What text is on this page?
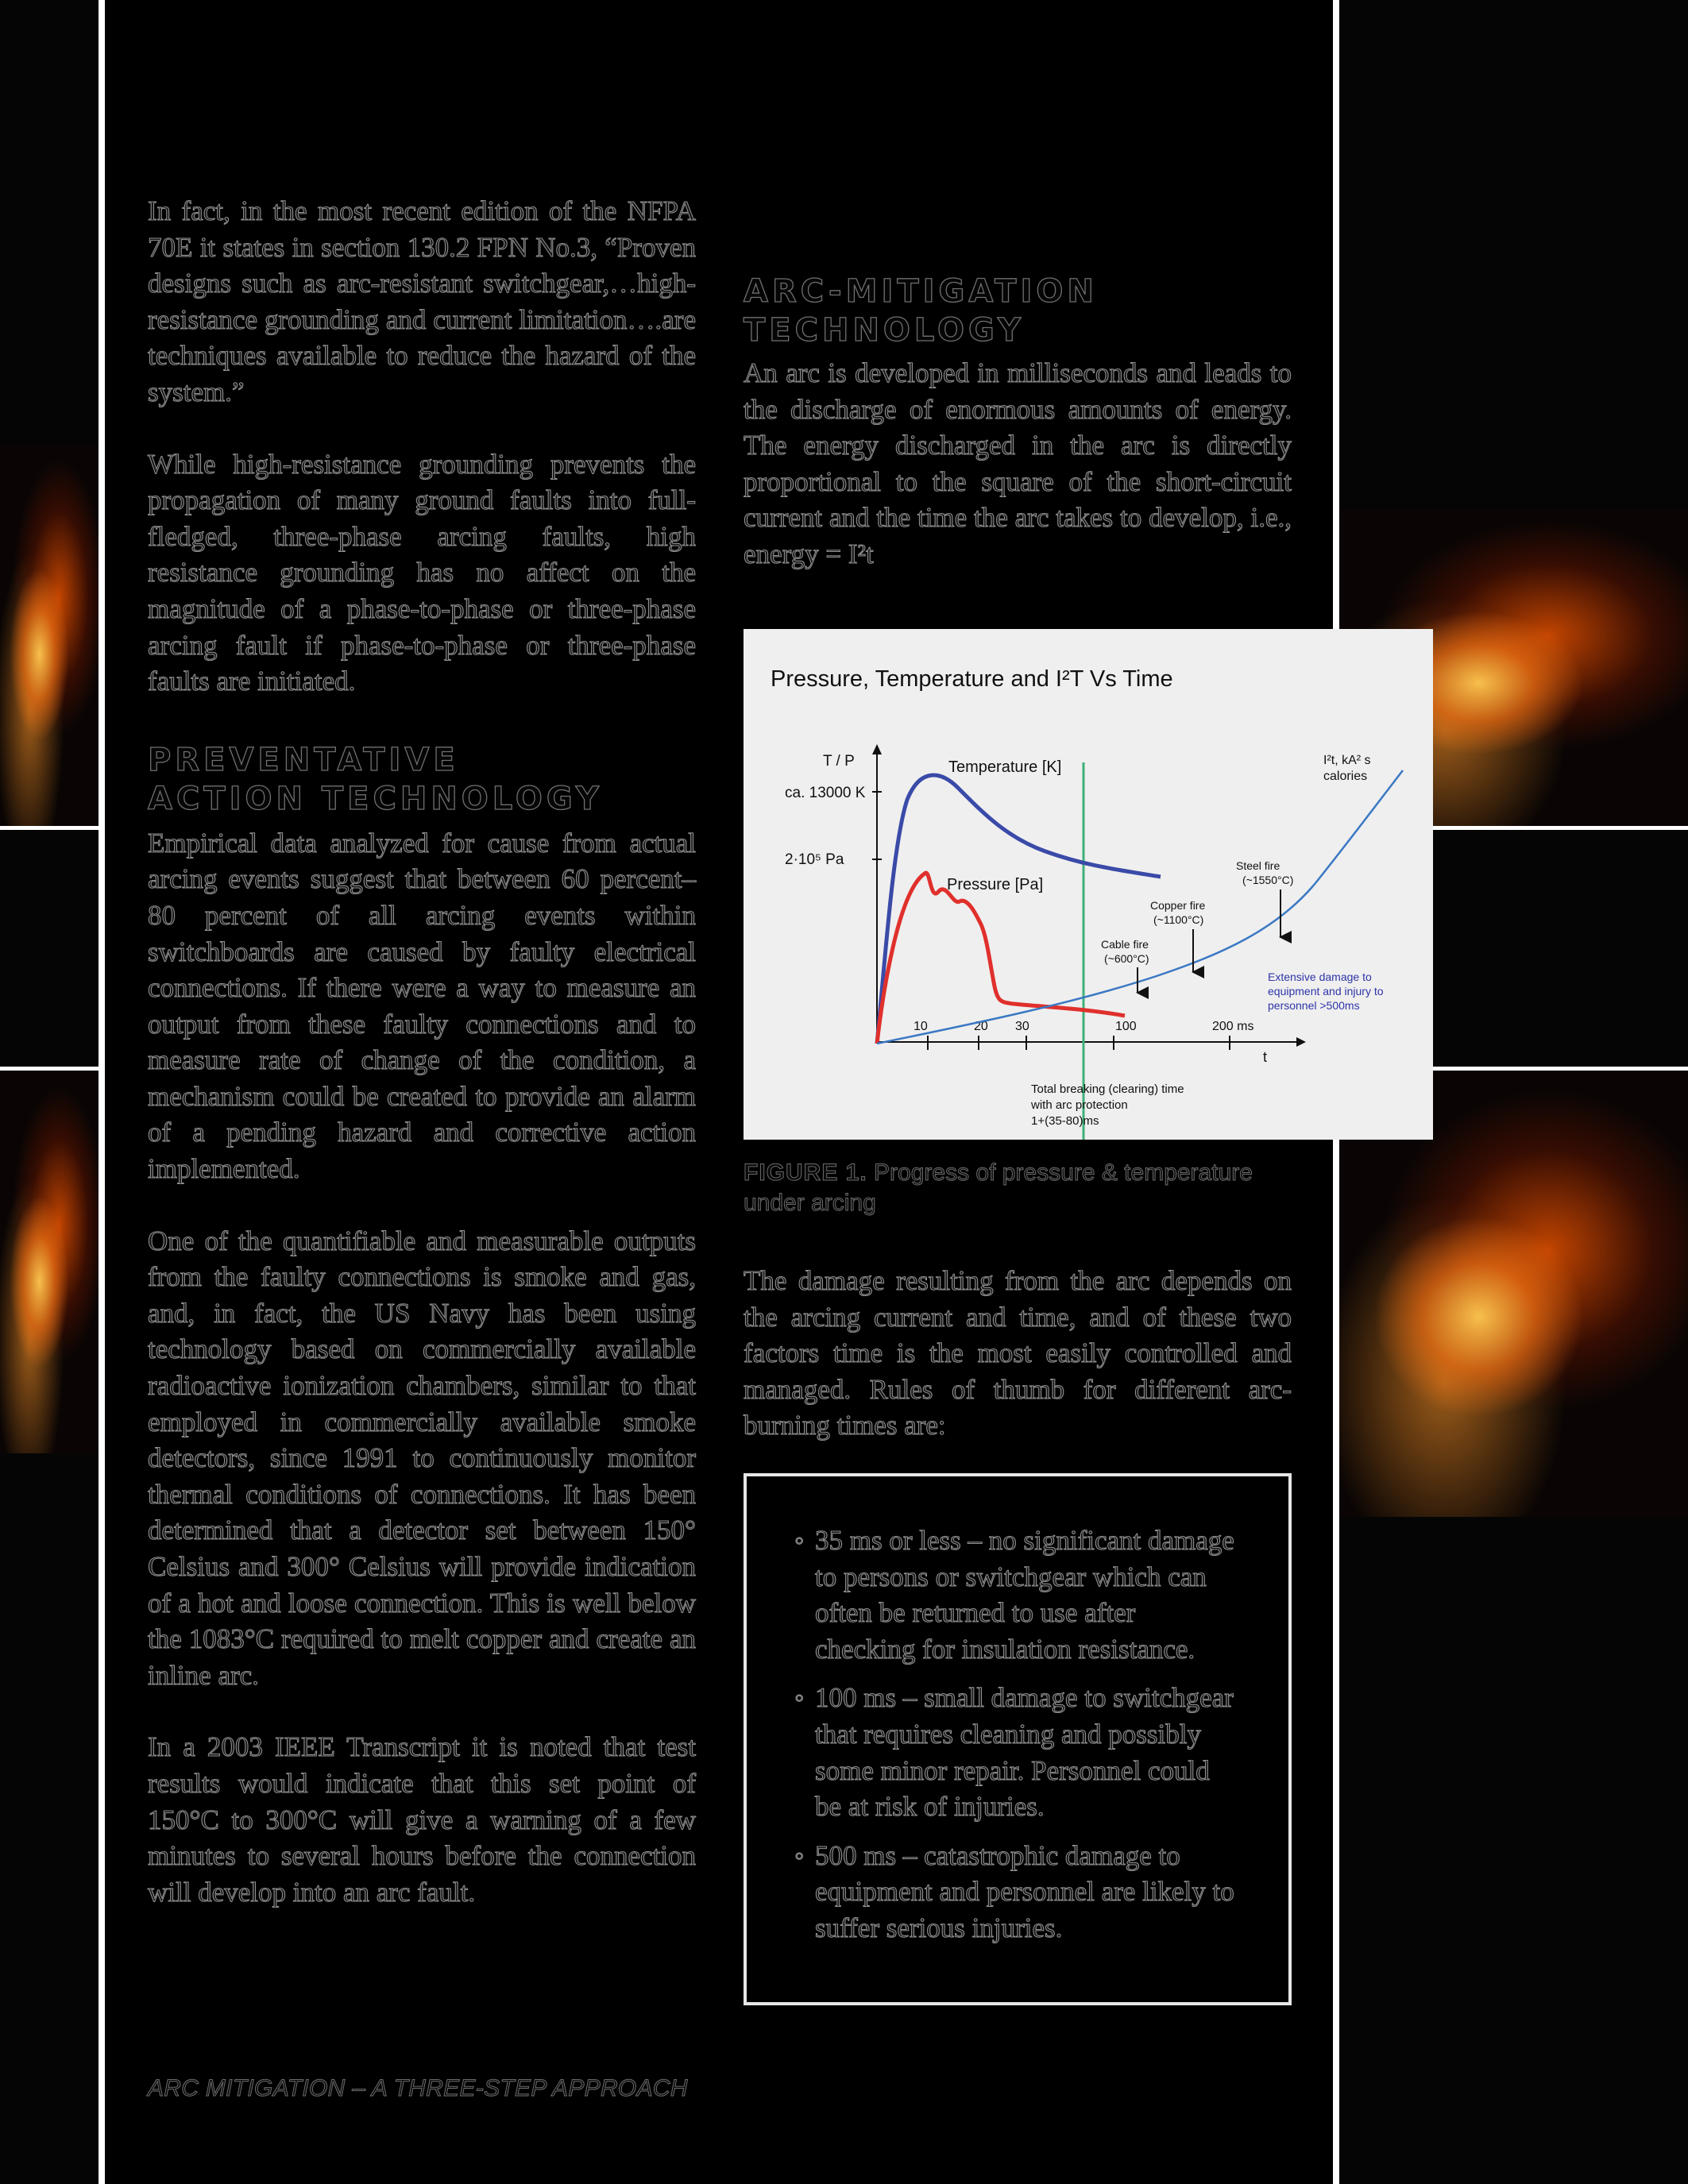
In fact, in the most recent edition of the NFPA 70E it states in section 130.2 FPN No.3, “Proven designs such as arc-resistant switchgear,…high-resistance grounding and current limitation….are techniques available to reduce the hazard of the system.”

While high-resistance grounding prevents the propagation of many ground faults into full-fledged, three-phase arcing faults, high resistance grounding has no affect on the magnitude of a phase-to-phase or three-phase arcing fault if phase-to-phase or three-phase faults are initiated.

PREVENTATIVE ACTION TECHNOLOGY

Empirical data analyzed for cause from actual arcing events suggest that between 60 percent–80 percent of all arcing events within switchboards are caused by faulty electrical connections. If there were a way to measure an output from these faulty connections and to measure rate of change of the condition, a mechanism could be created to provide an alarm of a pending hazard and corrective action implemented.

One of the quantifiable and measurable outputs from the faulty connections is smoke and gas, and, in fact, the US Navy has been using technology based on commercially available radioactive ionization chambers, similar to that employed in commercially available smoke detectors, since 1991 to continuously monitor thermal conditions of connections. It has been determined that a detector set between 150° Celsius and 300° Celsius will provide indication of a hot and loose connection. This is well below the 1083°C required to melt copper and create an inline arc.

In a 2003 IEEE Transcript it is noted that test results would indicate that this set point of 150°C to 300°C will give a warning of a few minutes to several hours before the connection will develop into an arc fault.

ARC-MITIGATION TECHNOLOGY

An arc is developed in milliseconds and leads to the discharge of enormous amounts of energy. The energy discharged in the arc is directly proportional to the square of the short-circuit current and the time the arc takes to develop, i.e., energy = I²t

Pressure, Temperature and I²T Vs Time
T / P
ca. 13000 K
2·10⁵ Pa
10	20 30	100	200 ms
t
Temperature [K]
Pressure [Pa]
I²t, kA² s
calories
Steel fire
(~1550°C)
Copper fire
(~1100°C)
Cable fire
(~600°C)
Extensive damage to
equipment and injury to
personnel >500ms
Total breaking (clearing) time
with arc protection
1+(35-80)ms
FIGURE 1. Progress of pressure & temperature under arcing

The damage resulting from the arc depends on the arcing current and time, and of these two factors time is the most easily controlled and managed. Rules of thumb for different arc-burning times are:

◦ 35 ms or less – no significant damage to persons or switchgear which can often be returned to use after checking for insulation resistance.
◦ 100 ms – small damage to switchgear that requires cleaning and possibly some minor repair. Personnel could be at risk of injuries.
◦ 500 ms – catastrophic damage to equipment and personnel are likely to suffer serious injuries.
ARC MITIGATION – A THREE-STEP APPROACH
